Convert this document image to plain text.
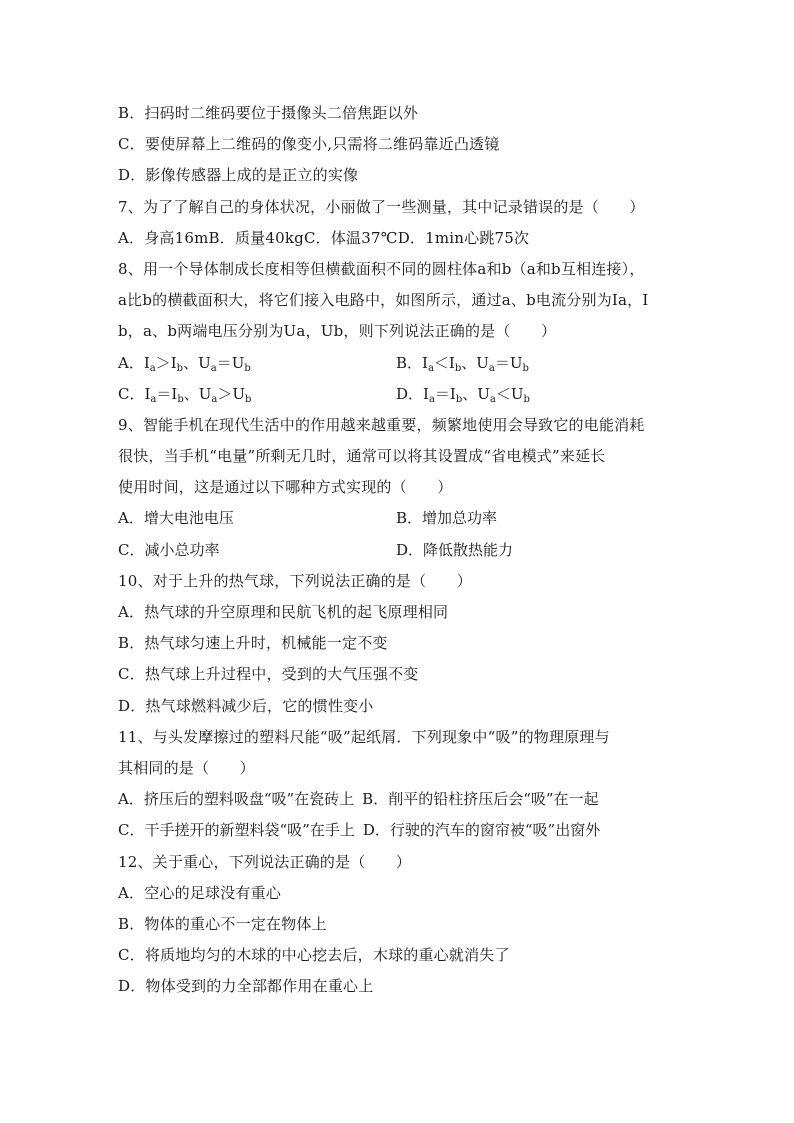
B．扫码时二维码要位于摄像头二倍焦距以外
C．要使屏幕上二维码的像变小,只需将二维码靠近凸透镜
D．影像传感器上成的是正立的实像
7、为了了解自己的身体状况，小丽做了一些测量，其中记录错误的是（　　）
A．身高16mB．质量40kgC．体温37℃D．1min心跳75次
8、用一个导体制成长度相等但横截面积不同的圆柱体a和b（a和b互相连接），
a比b的横截面积大，将它们接入电路中，如图所示，通过a、b电流分别为Ia，I
b，a、b两端电压分别为Ua，Ub，则下列说法正确的是（　　）
A．$I_a>I_b$、$U_a=U_b$	B．$I_a<I_b$、$U_a=U_b$
C．$I_a=I_b$、$U_a>U_b$	D．$I_a=I_b$、$U_a<U_b$
9、智能手机在现代生活中的作用越来越重要，频繁地使用会导致它的电能消耗
很快，当手机“电量”所剩无几时，通常可以将其设置成“省电模式”来延长
使用时间，这是通过以下哪种方式实现的（　　）
A．增大电池电压	B．增加总功率
C．减小总功率	D．降低散热能力
10、对于上升的热气球，下列说法正确的是（　　）
A．热气球的升空原理和民航飞机的起飞原理相同
B．热气球匀速上升时，机械能一定不变
C．热气球上升过程中，受到的大气压强不变
D．热气球燃料减少后，它的惯性变小
11、与头发摩擦过的塑料尺能“吸”起纸屑．下列现象中“吸”的物理原理与
其相同的是（　　）
A．挤压后的塑料吸盘“吸”在瓷砖上 B．削平的铅柱挤压后会“吸”在一起
C．干手搓开的新塑料袋“吸”在手上 D．行驶的汽车的窗帘被“吸”出窗外
12、关于重心，下列说法正确的是（　　）
A．空心的足球没有重心
B．物体的重心不一定在物体上
C．将质地均匀的木球的中心挖去后，木球的重心就消失了
D．物体受到的力全部都作用在重心上
